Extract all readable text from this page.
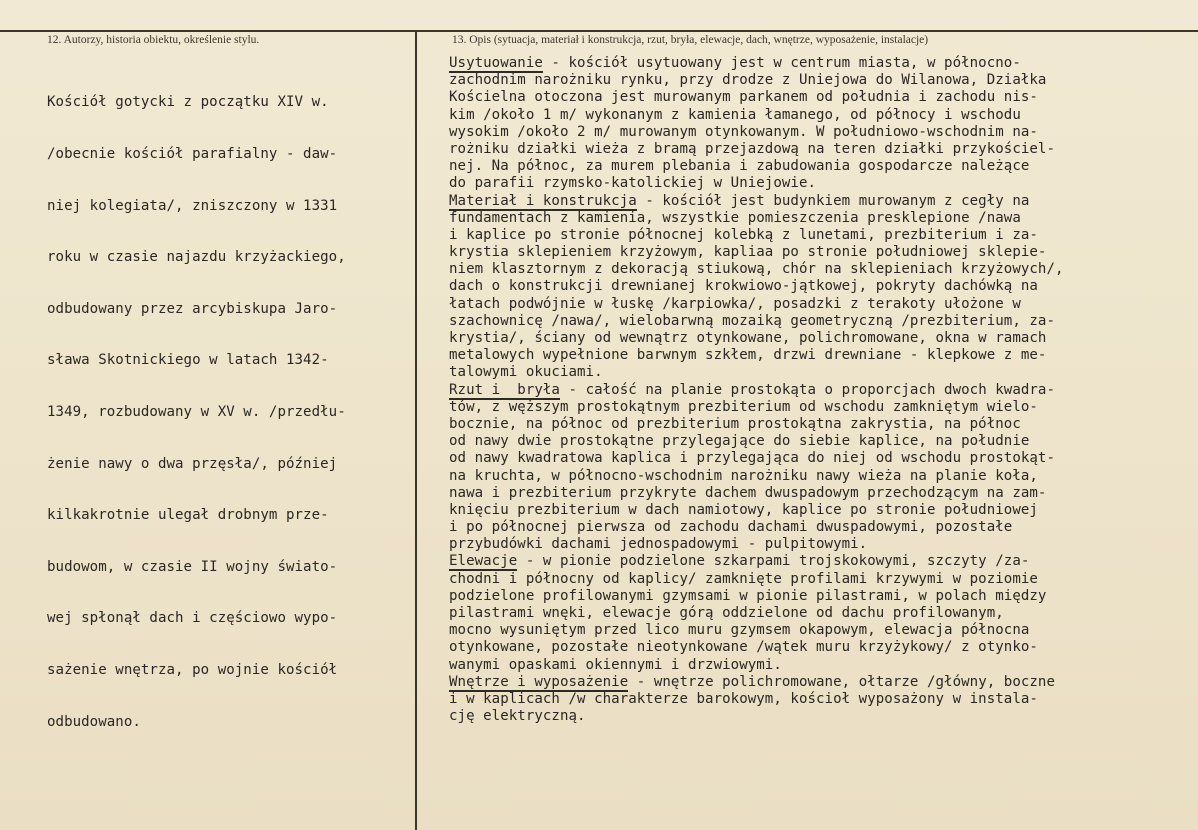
12. Autorzy, historia obiektu, określenie stylu.	13. Opis (sytuacja, materiał i konstrukcja, rzut, bryła, elewacje, dach, wnętrze, wyposażenie, instalacje)

Kościół gotycki z początku XIV w.

/obecnie kościół parafialny - daw-

niej kolegiata/, zniszczony w 1331

roku w czasie najazdu krzyżackiego,

odbudowany przez arcybiskupa Jaro-

sława Skotnickiego w latach 1342-

1349, rozbudowany w XV w. /przedłu-

żenie nawy o dwa przęsła/, później

kilkakrotnie ulegał drobnym prze-

budowom, w czasie II wojny świato-

wej spłonął dach i częściowo wypo-

sażenie wnętrza, po wojnie kościół

odbudowano.

Usytuowanie - kościół usytuowany jest w centrum miasta, w północno-
zachodnim narożniku rynku, przy drodze z Uniejowa do Wilanowa, Działka
Kościelna otoczona jest murowanym parkanem od południa i zachodu nis-
kim /około 1 m/ wykonanym z kamienia łamanego, od północy i wschodu
wysokim /około 2 m/ murowanym otynkowanym. W południowo-wschodnim na-
rożniku działki wieża z bramą przejazdową na teren działki przykościel-
nej. Na północ, za murem plebania i zabudowania gospodarcze należące
do parafii rzymsko-katolickiej w Uniejowie.
Materiał i konstrukcja - kościół jest budynkiem murowanym z cegły na
fundamentach z kamienia, wszystkie pomieszczenia presklepione /nawa
i kaplice po stronie północnej kolebką z lunetami, prezbiterium i za-
krystia sklepieniem krzyżowym, kapliaa po stronie południowej sklepie-
niem klasztornym z dekoracją stiukową, chór na sklepieniach krzyżowych/,
dach o konstrukcji drewnianej krokwiowo-jątkowej, pokryty dachówką na
łatach podwójnie w łuskę /karpiowka/, posadzki z terakoty ułożone w
szachownicę /nawa/, wielobarwną mozaiką geometryczną /prezbiterium, za-
krystia/, ściany od wewnątrz otynkowane, polichromowane, okna w ramach
metalowych wypełnione barwnym szkłem, drzwi drewniane - klepkowe z me-
talowymi okuciami.
Rzut i  bryła - całość na planie prostokąta o proporcjach dwoch kwadra-
tów, z węższym prostokątnym prezbiterium od wschodu zamkniętym wielo-
bocznie, na północ od prezbiterium prostokątna zakrystia, na północ
od nawy dwie prostokątne przylegające do siebie kaplice, na południe
od nawy kwadratowa kaplica i przylegająca do niej od wschodu prostokąt-
na kruchta, w północno-wschodnim narożniku nawy wieża na planie koła,
nawa i prezbiterium przykryte dachem dwuspadowym przechodzącym na zam-
knięciu prezbiterium w dach namiotowy, kaplice po stronie południowej
i po północnej pierwsza od zachodu dachami dwuspadowymi, pozostałe
przybudówki dachami jednospadowymi - pulpitowymi.
Elewacje - w pionie podzielone szkarpami trojskokowymi, szczyty /za-
chodni i północny od kaplicy/ zamknięte profilami krzywymi w poziomie
podzielone profilowanymi gzymsami w pionie pilastrami, w polach między
pilastrami wnęki, elewacje górą oddzielone od dachu profilowanym,
mocno wysuniętym przed lico muru gzymsem okapowym, elewacja północna
otynkowane, pozostałe nieotynkowane /wątek muru krzyżykowy/ z otynko-
wanymi opaskami okiennymi i drzwiowymi.
Wnętrze i wyposażenie - wnętrze polichromowane, ołtarze /główny, boczne
i w kaplicach /w charakterze barokowym, kościoł wyposażony w instala-
cję elektryczną.
